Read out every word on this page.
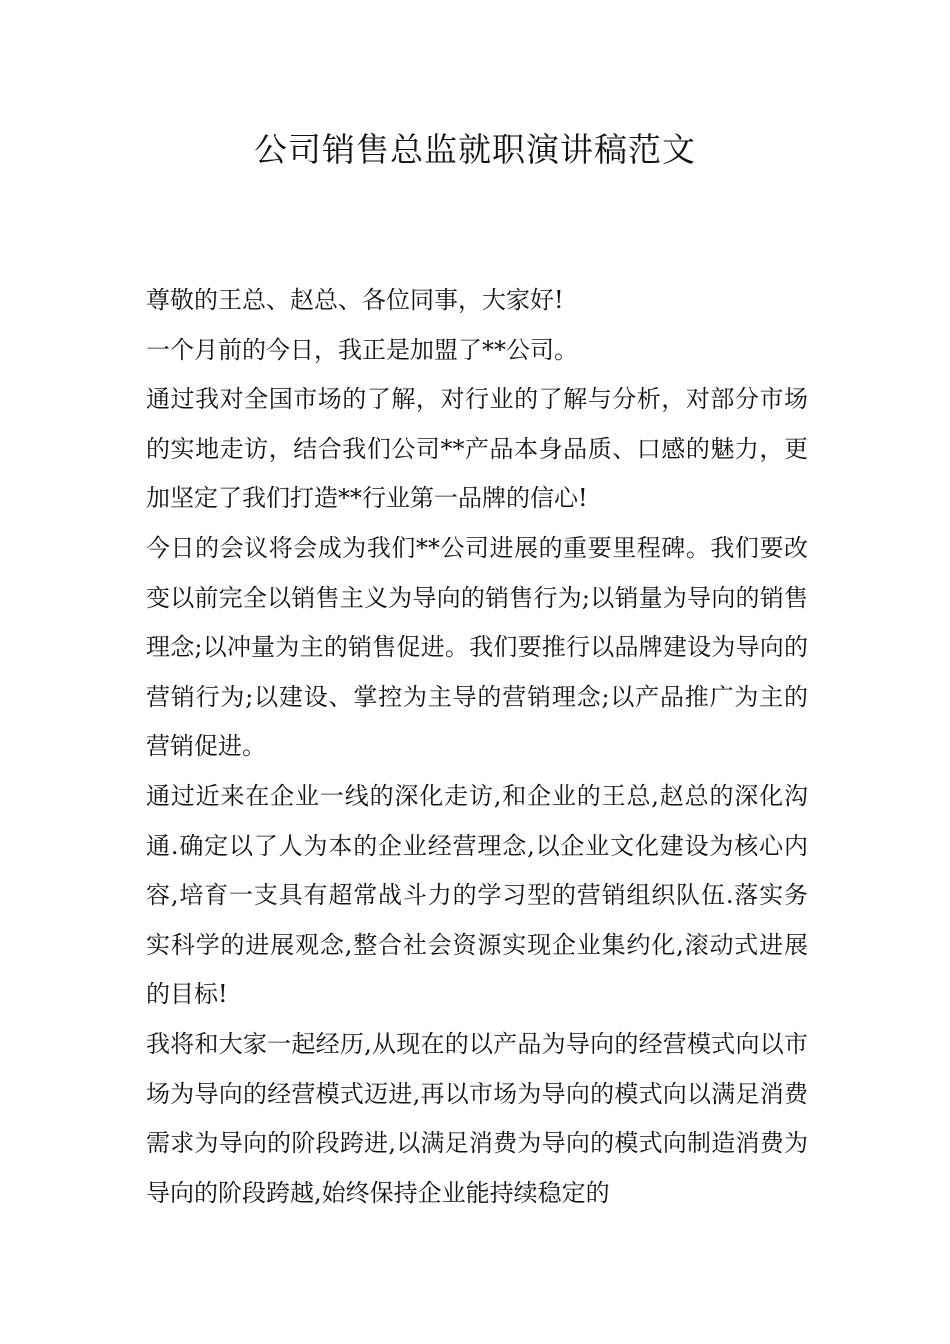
公司销售总监就职演讲稿范文

尊敬的王总、赵总、各位同事，大家好!

一个月前的今日，我正是加盟了**公司。

通过我对全国市场的了解，对行业的了解与分析，对部分市场的实地走访，结合我们公司**产品本身品质、口感的魅力，更加坚定了我们打造**行业第一品牌的信心!

今日的会议将会成为我们**公司进展的重要里程碑。我们要改变以前完全以销售主义为导向的销售行为;以销量为导向的销售理念;以冲量为主的销售促进。我们要推行以品牌建设为导向的营销行为;以建设、掌控为主导的营销理念;以产品推广为主的营销促进。

通过近来在企业一线的深化走访,和企业的王总,赵总的深化沟通.确定以了人为本的企业经营理念,以企业文化建设为核心内容,培育一支具有超常战斗力的学习型的营销组织队伍.落实务实科学的进展观念,整合社会资源实现企业集约化,滚动式进展的目标!

我将和大家一起经历,从现在的以产品为导向的经营模式向以市场为导向的经营模式迈进,再以市场为导向的模式向以满足消费需求为导向的阶段跨进,以满足消费为导向的模式向制造消费为导向的阶段跨越,始终保持企业能持续稳定的
